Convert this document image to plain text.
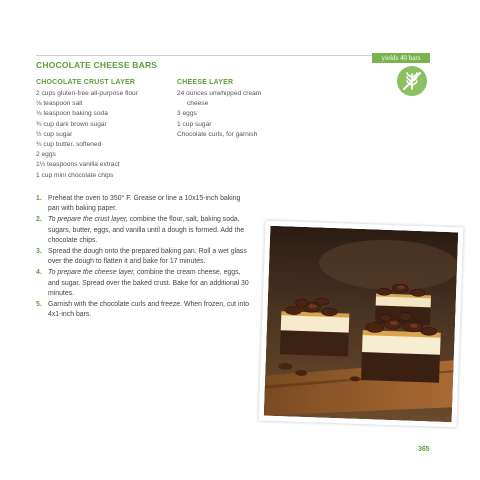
CHOCOLATE CHEESE BARS
yields 40 bars
CHOCOLATE CRUST LAYER
2 cups gluten-free all-purpose flour
⅛ teaspoon salt
⅛ teaspoon baking soda
¾ cup dark brown sugar
½ cup sugar
¾ cup butter, softened
2 eggs
1½ teaspoons vanilla extract
1 cup mini chocolate chips
CHEESE LAYER
24 ounces unwhipped cream
cheese
3 eggs
1 cup sugar
Chocolate curls, for garnish
1. Preheat the oven to 350° F. Grease or line a 10x15-inch baking pan with baking paper.
2. To prepare the crust layer, combine the flour, salt, baking soda, sugars, butter, eggs, and vanilla until a dough is formed. Add the chocolate chips.
3. Spread the dough onto the prepared baking pan. Roll a wet glass over the dough to flatten it and bake for 17 minutes.
4. To prepare the cheese layer, combine the cream cheese, eggs, and sugar. Spread over the baked crust. Bake for an additional 30 minutes.
5. Garnish with the chocolate curls and freeze. When frozen, cut into 4x1-inch bars.
365
